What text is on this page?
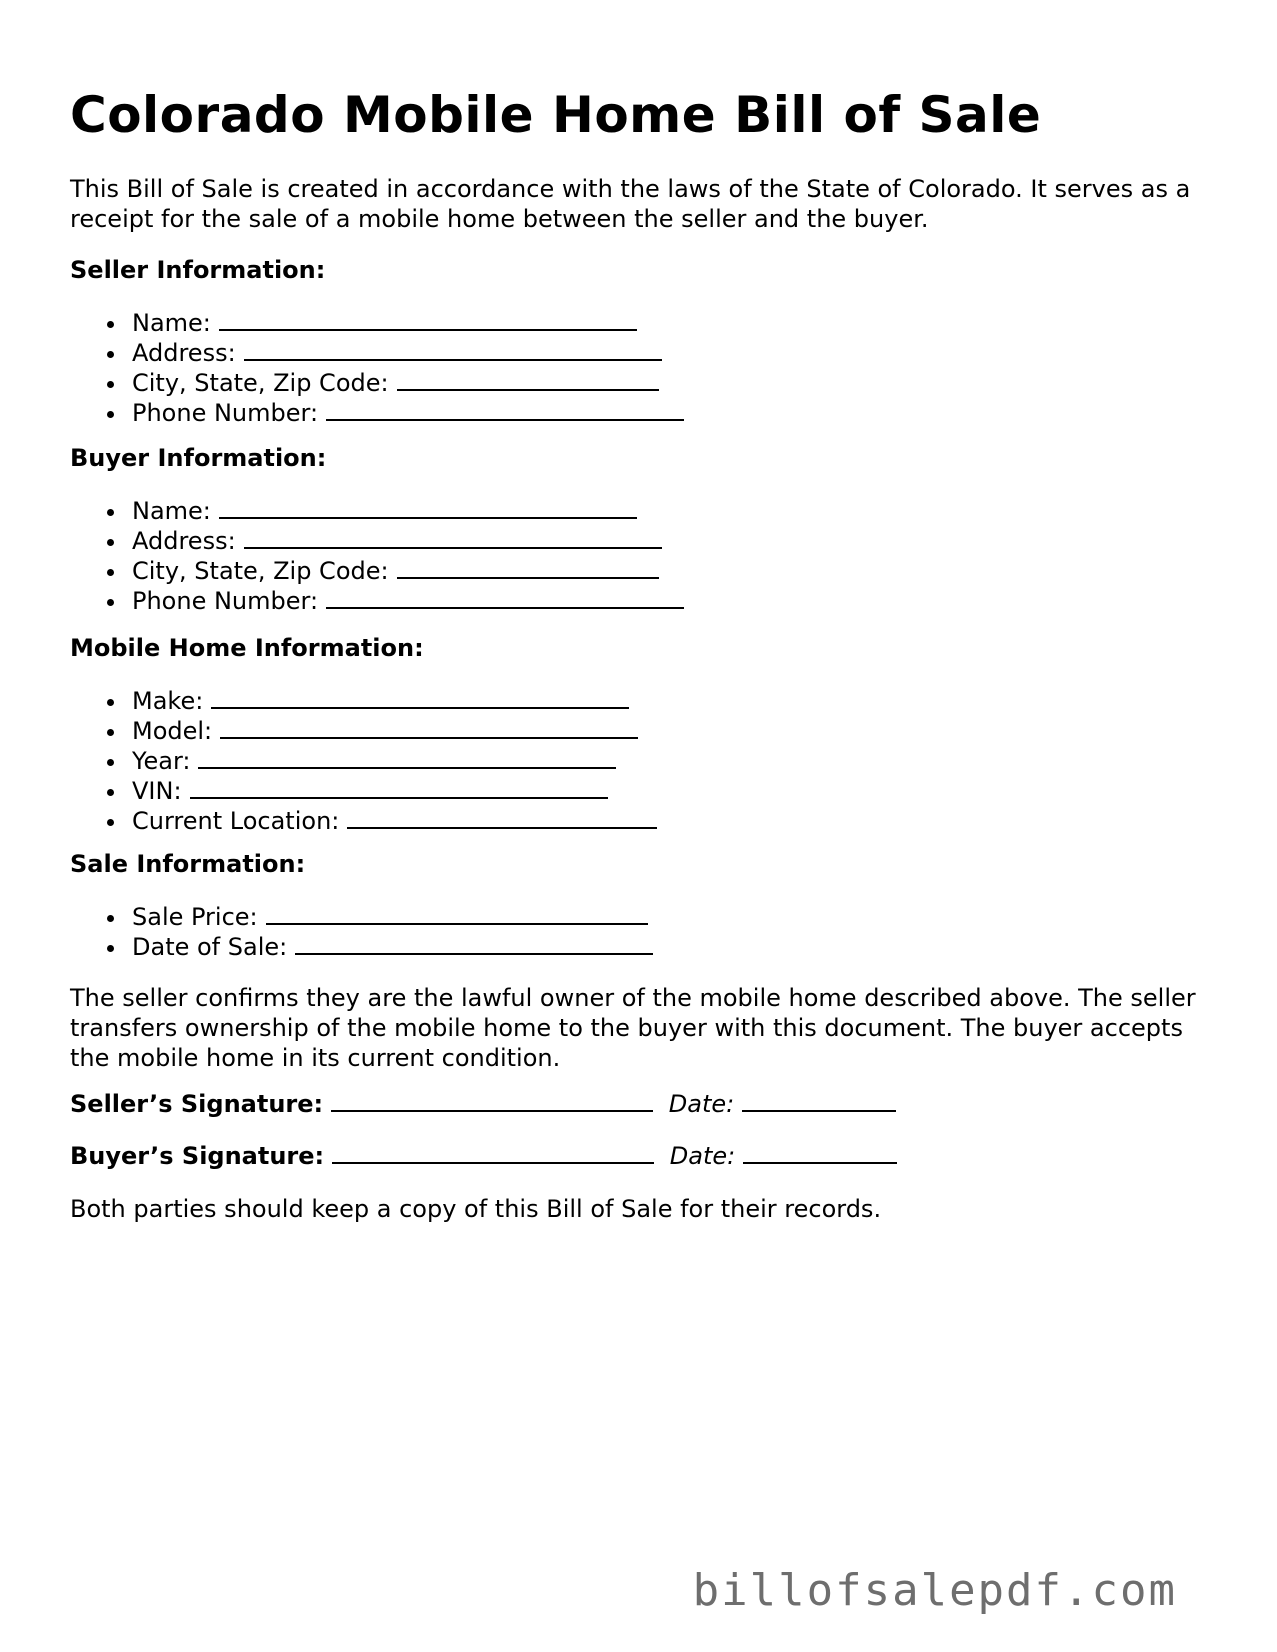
Colorado Mobile Home Bill of Sale

This Bill of Sale is created in accordance with the laws of the State of Colorado. It serves as a receipt for the sale of a mobile home between the seller and the buyer.

Seller Information:
Name:
Address:
City, State, Zip Code:
Phone Number:
Buyer Information:
Name:
Address:
City, State, Zip Code:
Phone Number:
Mobile Home Information:
Make:
Model:
Year:
VIN:
Current Location:
Sale Information:
Sale Price:
Date of Sale:

The seller confirms they are the lawful owner of the mobile home described above. The seller transfers ownership of the mobile home to the buyer with this document. The buyer accepts the mobile home in its current condition.

Seller’s Signature:	Date:
Buyer’s Signature:	Date:

Both parties should keep a copy of this Bill of Sale for their records.

billofsalepdf.com
